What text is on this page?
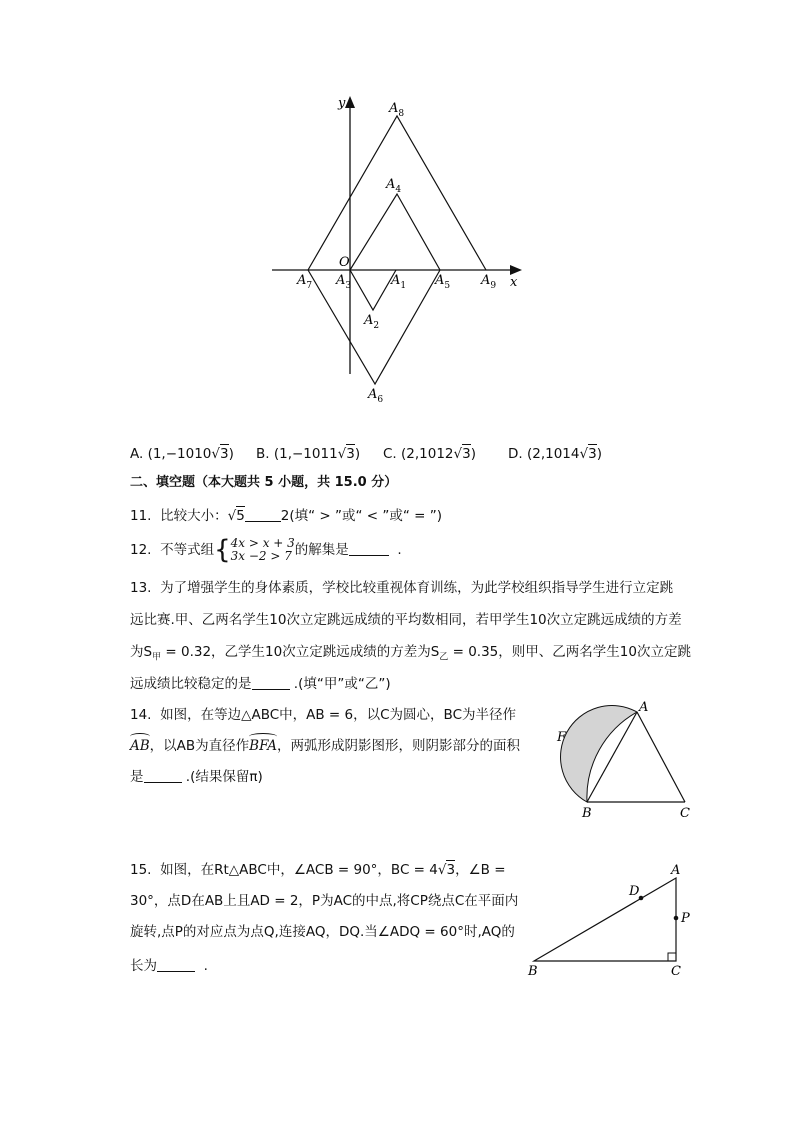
y
x
O
$A_8$
$A_4$
$A_7$ $A_3$	$A_1$ $A_5$ $A_9$
$A_2$
$A_6$
A. (1,−1010√3) B. (1,−1011√3) C. (2,1012√3) D. (2,1014√3)
二、填空题（本大题共 5 小题，共 15.0 分）
11. 比较大小：√5	2(填“ > ”或“ < ”或“ = ”)
12. 不等式组{4x > x + 3
3x −2 > 7 的解集是	.
13. 为了增强学生的身体素质，学校比较重视体育训练，为此学校组织指导学生进行立定跳
远比赛.甲、乙两名学生10次立定跳远成绩的平均数相同，若甲学生10次立定跳远成绩的方差
为$S_甲 = 0.32$，乙学生10次立定跳远成绩的方差为$S_乙 = 0.35$，则甲、乙两名学生10次立定跳
远成绩比较稳定的是	.(填“甲”或“乙”)
14. 如图，在等边△ABC中，AB = 6，以C为圆心，BC为半径作
AB，以AB为直径作BFA，两弧形成阴影图形，则阴影部分的面积
是	.(结果保留π)
A
B	C
F
15. 如图，在Rt△ABC中，∠ACB = 90°，BC = 4√3，∠B =
30°，点D在AB上且AD = 2，P为AC的中点,将CP绕点C在平面内
旋转,点P的对应点为点Q,连接AQ，DQ.当∠ADQ = 60°时,AQ的
长为	.
A
B	C
D
P
